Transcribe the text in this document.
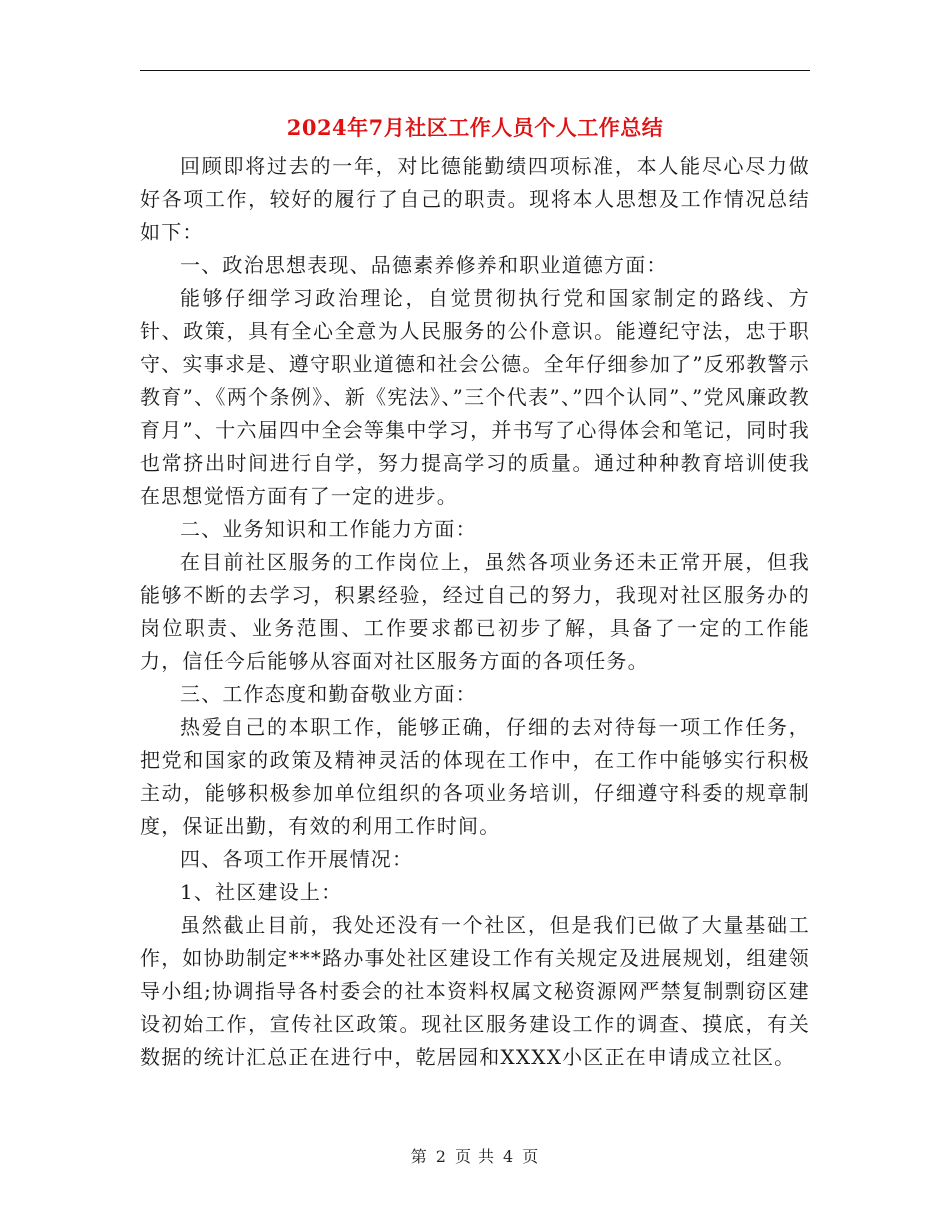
2024年7月社区工作人员个人工作总结

回顾即将过去的一年，对比德能勤绩四项标准，本人能尽心尽力做好各项工作，较好的履行了自己的职责。现将本人思想及工作情况总结如下：

一、政治思想表现、品德素养修养和职业道德方面：

能够仔细学习政治理论，自觉贯彻执行党和国家制定的路线、方针、政策，具有全心全意为人民服务的公仆意识。能遵纪守法，忠于职守、实事求是、遵守职业道德和社会公德。全年仔细参加了”反邪教警示教育”、《两个条例》、新《宪法》、”三个代表”、”四个认同”、”党风廉政教育月”、十六届四中全会等集中学习，并书写了心得体会和笔记，同时我也常挤出时间进行自学，努力提高学习的质量。通过种种教育培训使我在思想觉悟方面有了一定的进步。

二、业务知识和工作能力方面：

在目前社区服务的工作岗位上，虽然各项业务还未正常开展，但我能够不断的去学习，积累经验，经过自己的努力，我现对社区服务办的岗位职责、业务范围、工作要求都已初步了解，具备了一定的工作能力，信任今后能够从容面对社区服务方面的各项任务。

三、工作态度和勤奋敬业方面：

热爱自己的本职工作，能够正确，仔细的去对待每一项工作任务，把党和国家的政策及精神灵活的体现在工作中，在工作中能够实行积极主动，能够积极参加单位组织的各项业务培训，仔细遵守科委的规章制度，保证出勤，有效的利用工作时间。

四、各项工作开展情况：

1、社区建设上：

虽然截止目前，我处还没有一个社区，但是我们已做了大量基础工作，如协助制定***路办事处社区建设工作有关规定及进展规划，组建领导小组;协调指导各村委会的社本资料权属文秘资源网严禁复制剽窃区建设初始工作，宣传社区政策。现社区服务建设工作的调查、摸底，有关数据的统计汇总正在进行中，乾居园和XXXX小区正在申请成立社区。

第 2 页 共 4 页
